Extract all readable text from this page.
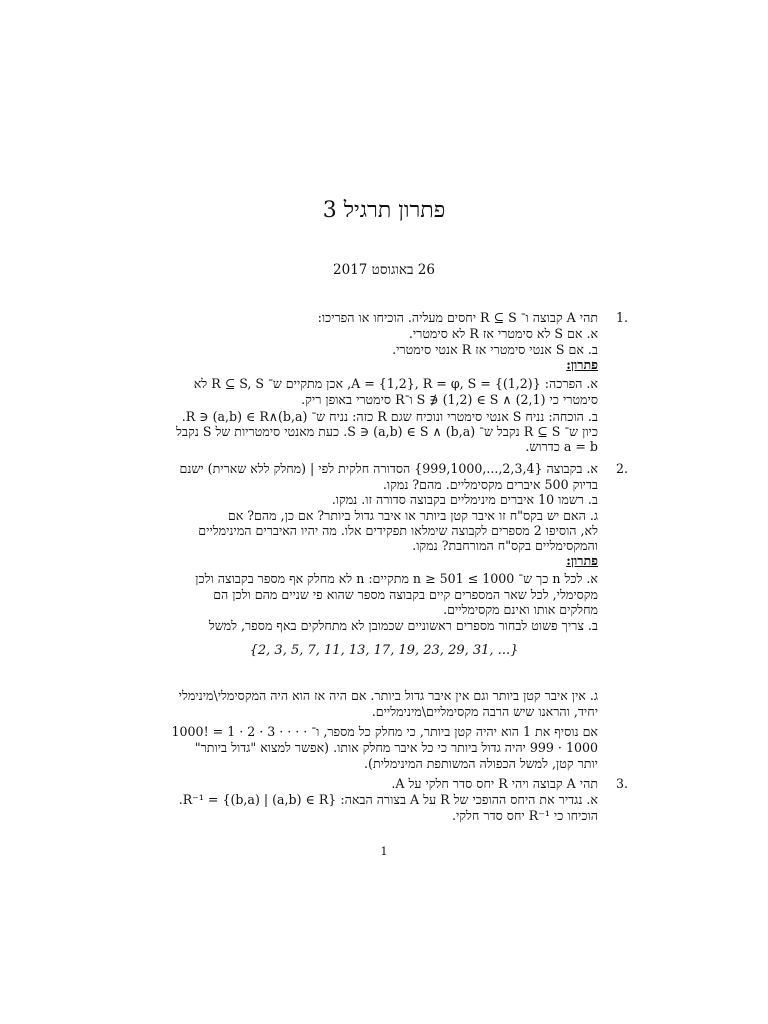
פתרון תרגיל 3
26 באוגוסט 2017
.1
תהי A קבוצה ו־ R ⊆ S יחסים מעליה. הוכיחו או הפריכו:
א. אם S לא סימטרי אז R לא סימטרי.
ב. אם S אנטי סימטרי אז R אנטי סימטרי.
פתרון:
א. הפרכה: A = {1,2}, R = φ, S = {(1,2)}, אכן מתקיים ש־ R ⊆ S, S לא
סימטרי כי S ∌ (1,2) ∈ S ∧ (2,1) ו־R סימטרי באופן ריק.
ב. הוכחה: נניח S אנטי סימטרי ונוכיח שגם R כזה: נניח ש־ R ∋ (a,b) ∈ R∧(b,a).
כיון ש־ R ⊆ S נקבל ש־ S ∋ (a,b) ∈ S ∧ (b,a). כעת מאנטי סימטריות של S נקבל
a = b כדרוש.
.2
א. בקבוצה {2,3,4,...,999,1000} הסדורה חלקית לפי | (מחלק ללא שארית) ישנם
בדיוק 500 איברים מקסימליים. מהם? נמקו.
ב. רשמו 10 איברים מינימליים בקבוצה סדורה זו. נמקו.
ג. האם יש בקס"ח זו איבר קטן ביותר או איבר גדול ביותר? אם כן, מהם? אם
לא, הוסיפו 2 מספרים לקבוצה שימלאו תפקידים אלו. מה יהיו האיברים המינימליים
והמקסימליים בקס"ח המורחבת? נמקו.
פתרון:
א. לכל n כך ש־ 1000 ≥ n ≥ 501 מתקיים: n לא מחלק אף מספר בקבוצה ולכן
מקסימלי, לכל שאר המספרים קיים בקבוצה מספר שהוא פי שניים מהם ולכן הם
מחלקים אותו ואינם מקסימליים.
ב. צריך פשוט לבחור מספרים ראשוניים שכמובן לא מתחלקים באף מספר, למשל
{2, 3, 5, 7, 11, 13, 17, 19, 23, 29, 31, ...}
ג. אין איבר קטן ביותר וגם אין איבר גדול ביותר. אם היה אז הוא היה המקסימלי\מינימלי
יחיד, והראנו שיש הרבה מקסימליים\מינימליים.
אם נוסיף את 1 הוא יהיה קטן ביותר, כי מחלק כל מספר, ו־ · · · · 3 · 2 · 1 = !1000
1000 · 999 יהיה גדול ביותר כי כל איבר מחלק אותו. (אפשר למצוא "גדול ביותר"
יותר קטן, למשל הכפולה המשותפת המינימלית).
.3
תהי A קבוצה ויהי R יחס סדר חלקי על A.
א. נגדיר את היחס ההופכי של R על A בצורה הבאה: R⁻¹ = {(b,a) | (a,b) ∈ R}.
הוכיחו כי R⁻¹ יחס סדר חלקי.
1
